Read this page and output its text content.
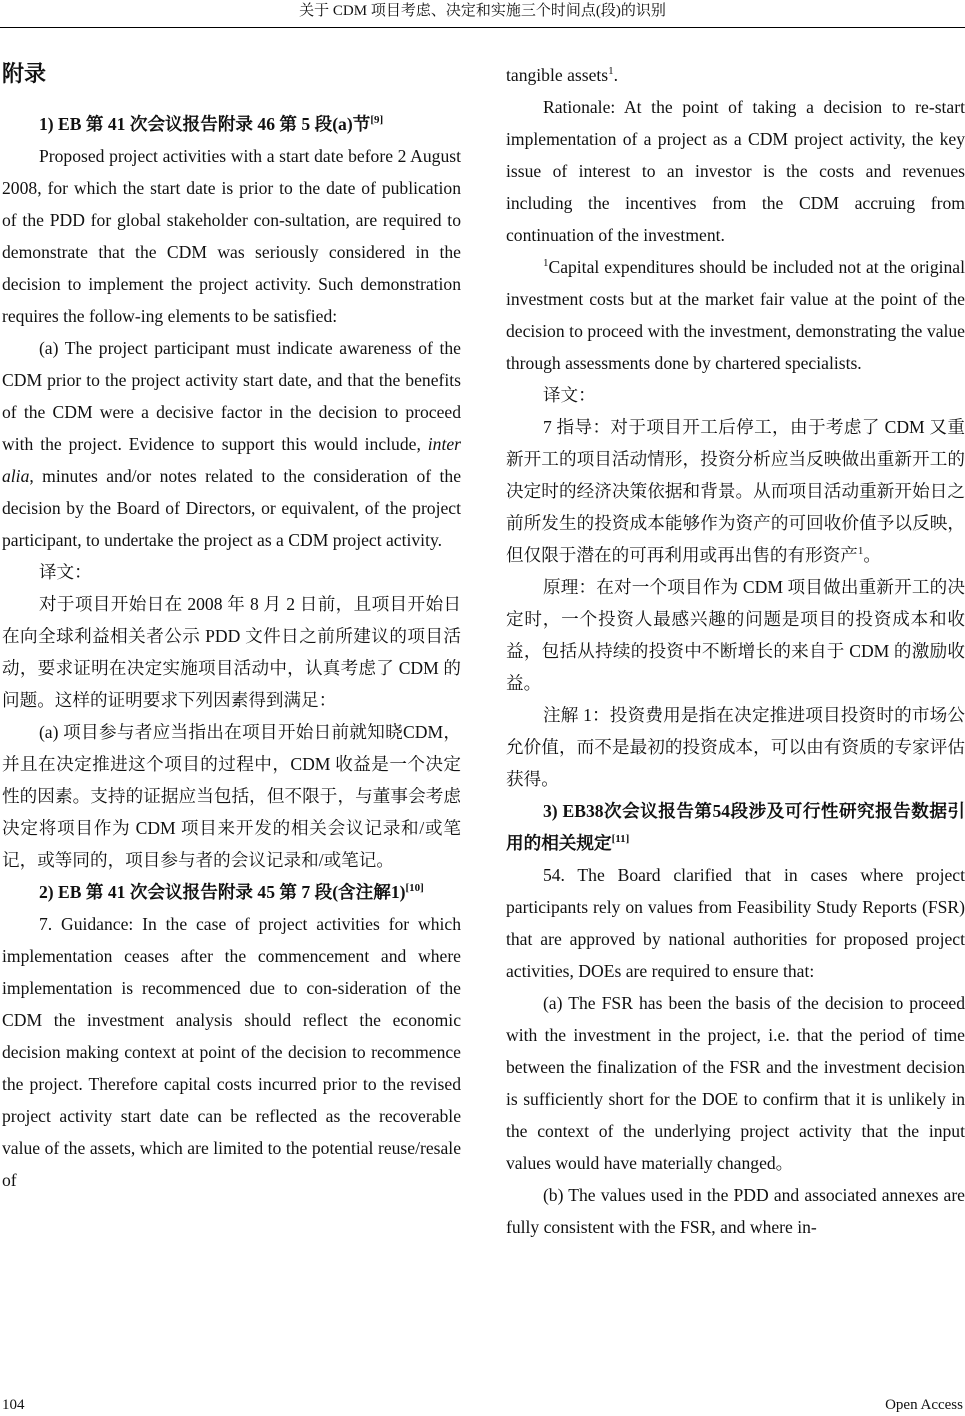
关于 CDM 项目考虑、决定和实施三个时间点(段)的识别
附录

1) EB 第 41 次会议报告附录 46 第 5 段(a)节[9]

Proposed project activities with a start date before 2 August 2008, for which the start date is prior to the date of publication of the PDD for global stakeholder con-sultation, are required to demonstrate that the CDM was seriously considered in the decision to implement the project activity. Such demonstration requires the follow-ing elements to be satisfied:

(a) The project participant must indicate awareness of the CDM prior to the project activity start date, and that the benefits of the CDM were a decisive factor in the decision to proceed with the project. Evidence to support this would include, inter alia, minutes and/or notes related to the consideration of the decision by the Board of Directors, or equivalent, of the project participant, to undertake the project as a CDM project activity.

译文：

对于项目开始日在 2008 年 8 月 2 日前，且项目开始日在向全球利益相关者公示 PDD 文件日之前所建议的项目活动，要求证明在决定实施项目活动中，认真考虑了 CDM 的问题。这样的证明要求下列因素得到满足：

(a) 项目参与者应当指出在项目开始日前就知晓CDM，并且在决定推进这个项目的过程中，CDM 收益是一个决定性的因素。支持的证据应当包括，但不限于，与董事会考虑决定将项目作为 CDM 项目来开发的相关会议记录和/或笔记，或等同的，项目参与者的会议记录和/或笔记。

2) EB 第 41 次会议报告附录 45 第 7 段(含注解1)[10]

7. Guidance: In the case of project activities for which implementation ceases after the commencement and where implementation is recommenced due to con-sideration of the CDM the investment analysis should reflect the economic decision making context at point of the decision to recommence the project. Therefore capital costs incurred prior to the revised project activity start date can be reflected as the recoverable value of the assets, which are limited to the potential reuse/resale of

tangible assets$^1$.

Rationale: At the point of taking a decision to re-start implementation of a project as a CDM project activity, the key issue of interest to an investor is the costs and revenues including the incentives from the CDM accruing from continuation of the investment.

$^1$Capital expenditures should be included not at the original investment costs but at the market fair value at the point of the decision to proceed with the investment, demonstrating the value through assessments done by chartered specialists.

译文：

7 指导：对于项目开工后停工，由于考虑了 CDM 又重新开工的项目活动情形，投资分析应当反映做出重新开工的决定时的经济决策依据和背景。从而项目活动重新开始日之前所发生的投资成本能够作为资产的可回收价值予以反映，但仅限于潜在的可再利用或再出售的有形资产$^1$。

原理：在对一个项目作为 CDM 项目做出重新开工的决定时，一个投资人最感兴趣的问题是项目的投资成本和收益，包括从持续的投资中不断增长的来自于 CDM 的激励收益。

注解 1：投资费用是指在决定推进项目投资时的市场公允价值，而不是最初的投资成本，可以由有资质的专家评估获得。

3) EB38次会议报告第54段涉及可行性研究报告数据引用的相关规定[11]

54. The Board clarified that in cases where project participants rely on values from Feasibility Study Reports (FSR) that are approved by national authorities for proposed project activities, DOEs are required to ensure that:

(a) The FSR has been the basis of the decision to proceed with the investment in the project, i.e. that the period of time between the finalization of the FSR and the investment decision is sufficiently short for the DOE to confirm that it is unlikely in the context of the underlying project activity that the input values would have materially changed。

(b) The values used in the PDD and associated annexes are fully consistent with the FSR, and where in-

104	Open Access
